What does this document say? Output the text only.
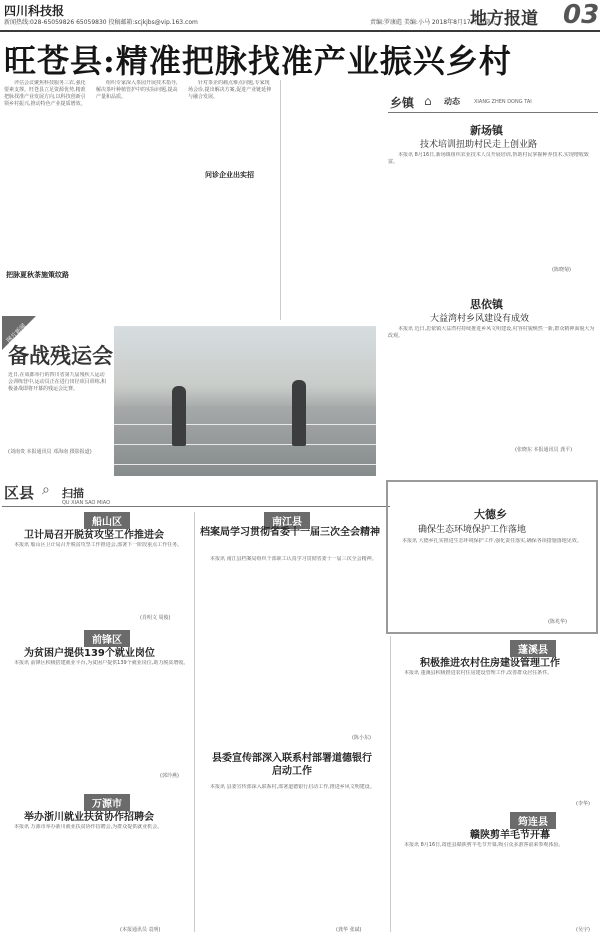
四川科技报
新闻热线:028-65059826 65059830 投稿邮箱:scjkjbs@vip.163.com	责编:罗康彪 美编:小马 2018年8月17日 星期五
地方报道 03
旺苍县:精准把脉找准产业振兴乡村
评估会议聚焦科技服务三农,强化要素支撑。旺苍县立足资源优势,精准把脉找准产业发展方向,以科技创新引领乡村振兴,推动特色产业提质增效。
把脉夏秋茶施策纹路
组织专家深入茶园开展技术指导,解决茶叶种植管护中的实际问题,提高产量和品质。
问诊企业出实招
针对茶企的痛点难点问题,专家现场会诊,提出解决方案,促进产业链延伸与融合发展。
图片新闻
备战残运会
近日,在成都举行的四川省第九届残疾人运动会训练营中,运动员正在进行田径项目训练,积极备战即将开幕的残运会比赛。
(刘南贵 本报通讯员 邓海南 摄影报道)
乡镇 ⌂ 动态	XIANG ZHEN DONG TAI
新场镇
技术培训扭助村民走上创业路
本报讯 8月16日,新场镇组织农业技术人员开展培训,帮助村民掌握种养技术,实现增收致富。
(陈晓菊)
思依镇
大益湾村乡风建设有成效
本报讯 近日,思依镇大益湾村持续推进乡风文明建设,村容村貌焕然一新,群众精神面貌大为改观。
(张晓东 本报通讯员 龚平)
区县 ⌕ 扫描
QU XIAN SAO MIAO
大德乡
确保生态环境保护工作落地
本报讯 大德乡扎实推进生态环境保护工作,强化责任落实,确保各项措施落地见效。
(陈兆华)
船山区
卫计局召开脱贫攻坚工作推进会
本报讯 船山区卫计局召开脱贫攻坚工作推进会,部署下一阶段重点工作任务。
(肖明文 周俊)
前锋区
为贫困户提供139个就业岗位
本报讯 前锋区积极搭建就业平台,为贫困户提供139个就业岗位,助力脱贫增收。
(郭玲燕)
万源市
举办浙川就业扶贫协作招聘会
本报讯 万源市举办浙川就业扶贫协作招聘会,为群众提供就业机会。
(本报通讯员 袁明)
南江县
档案局学习贯彻省委十一届三次全会精神
本报讯 南江县档案局组织干部职工认真学习贯彻省委十一届三次全会精神。
(陈小东)
县委宣传部深入联系村部署道德银行启动工作
本报讯 县委宣传部深入联系村,部署道德银行启动工作,推进乡风文明建设。
(龚华 张斌)
蓬溪县
积极推进农村住房建设管理工作
本报讯 蓬溪县积极推进农村住房建设管理工作,改善群众居住条件。
(李华)
筠连县
赣陕剪羊毛节开幕
本报讯 8月16日,筠连县赣陕剪羊毛节开幕,吸引众多游客前来参观体验。
(吴宇)
